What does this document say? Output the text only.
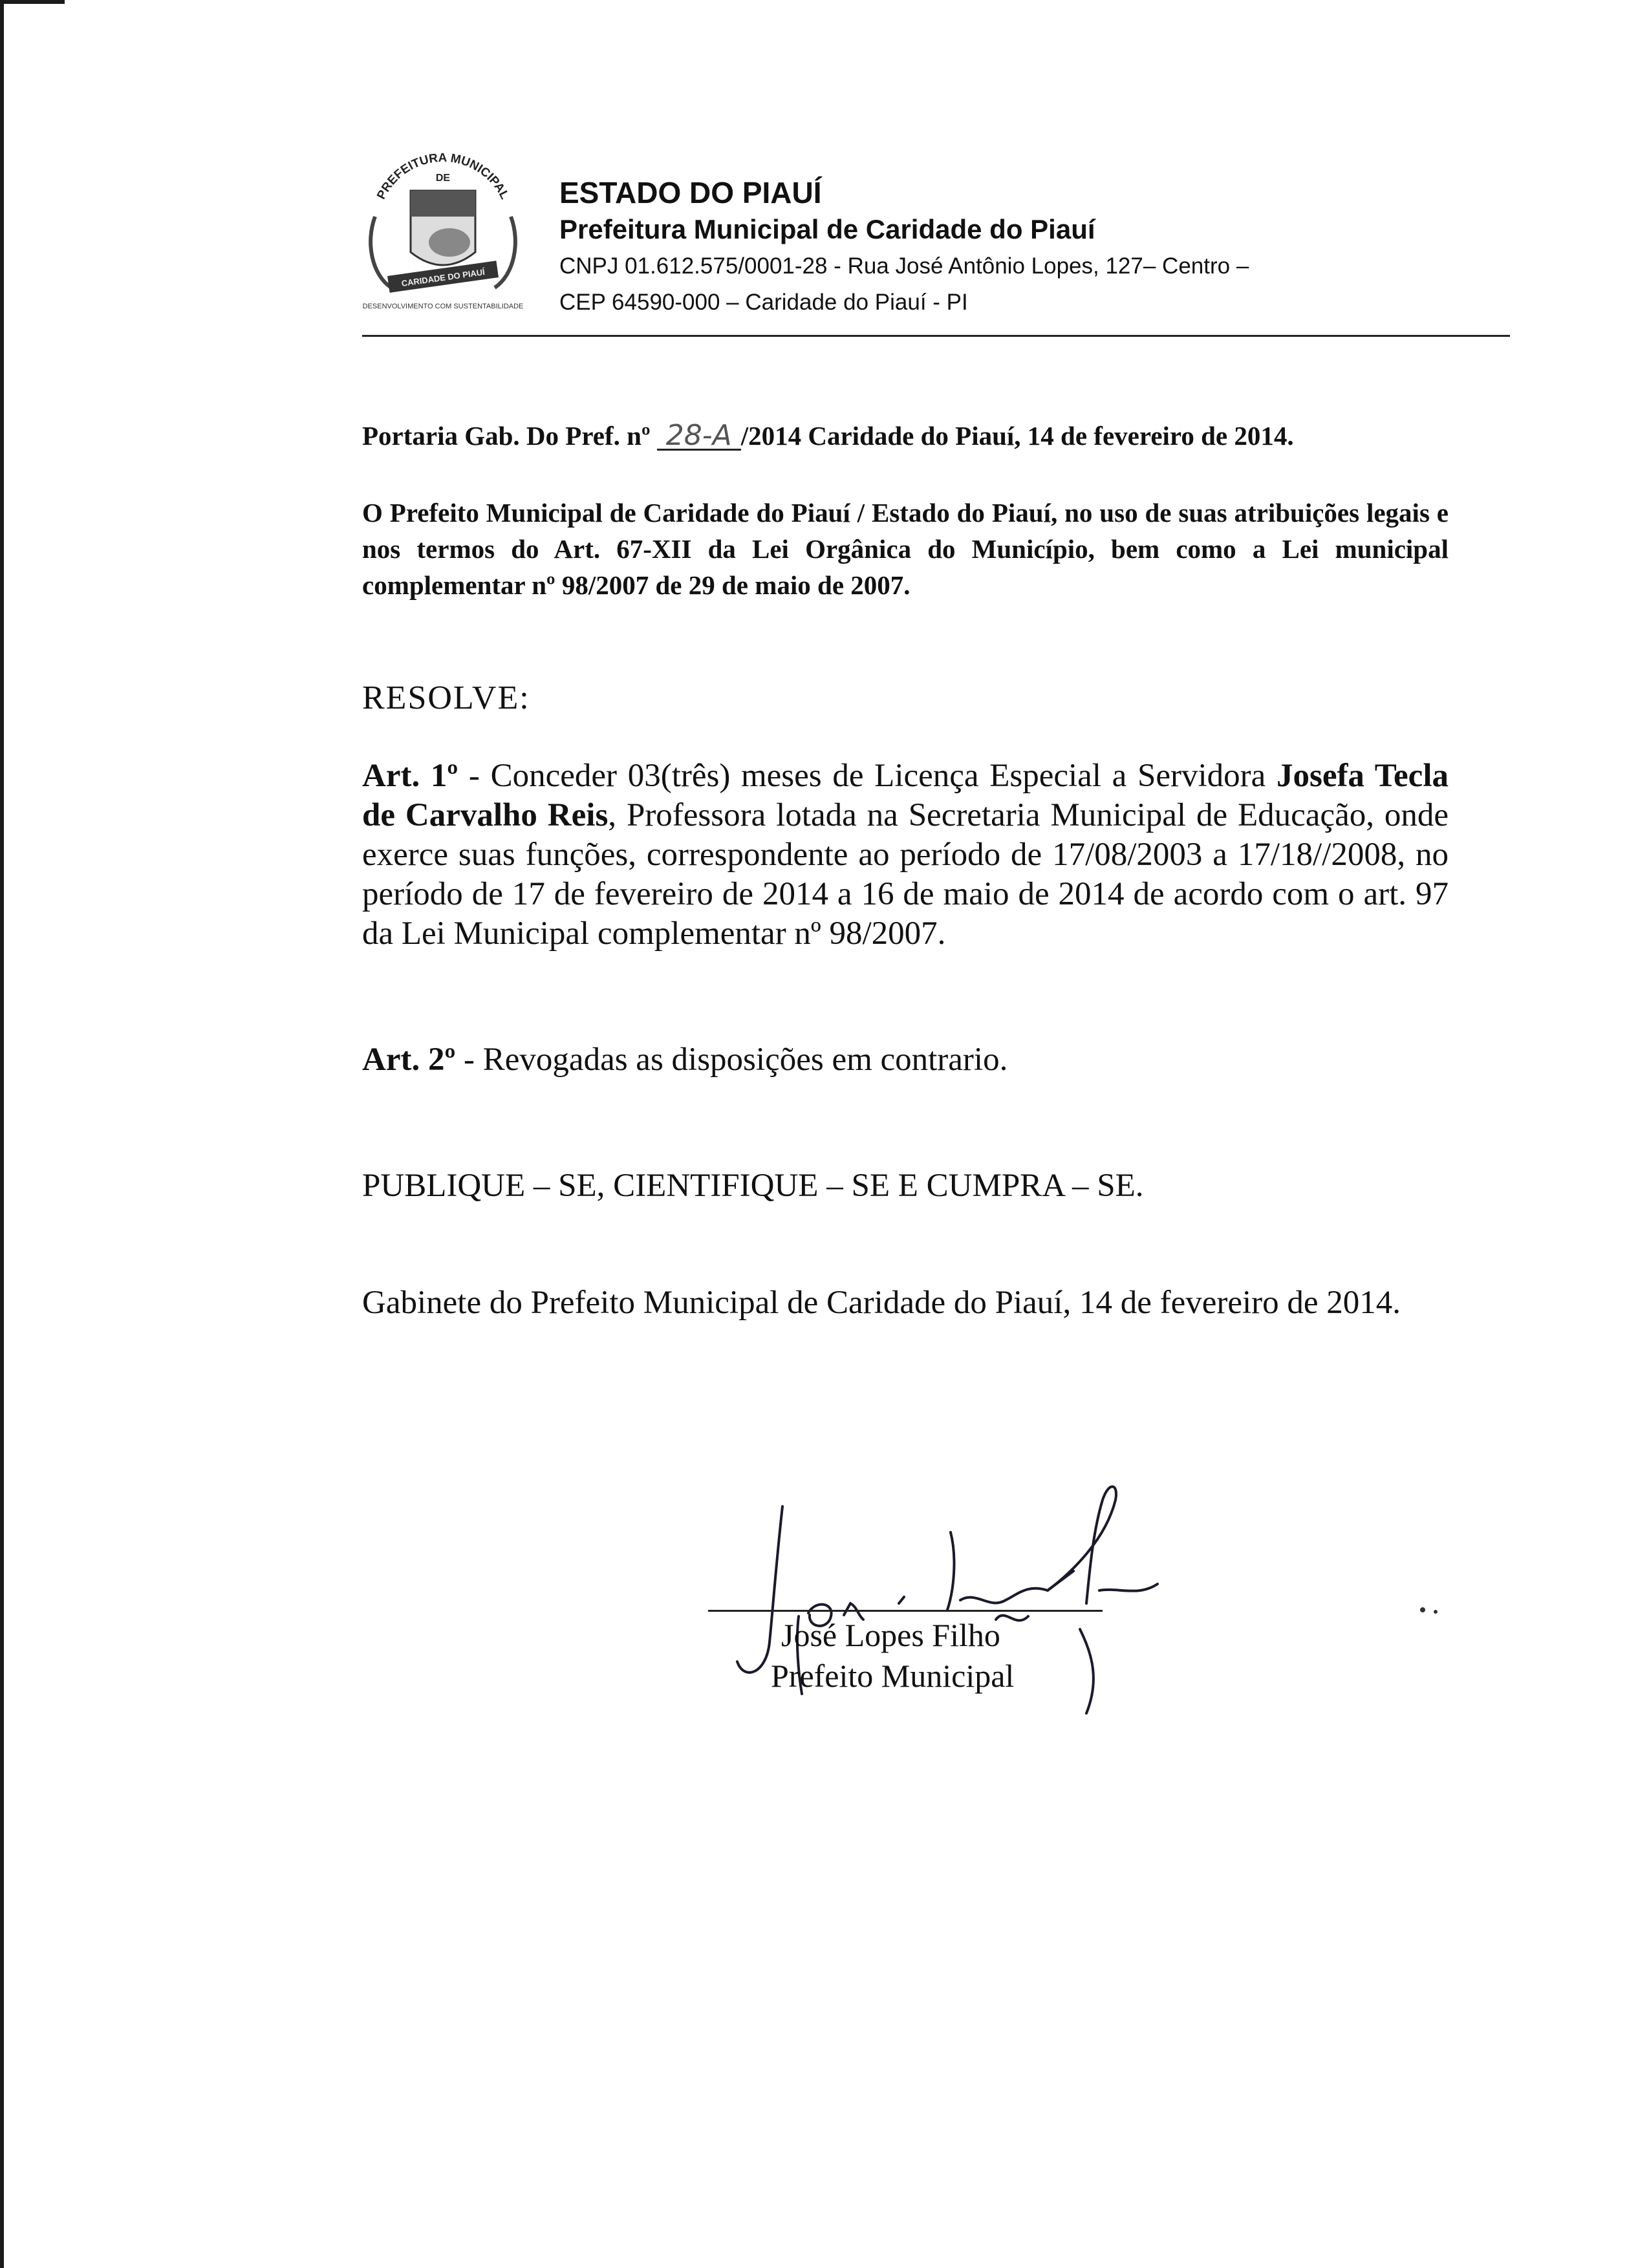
PREFEITURA MUNICIPAL
DE
CARIDADE DO PIAUÍ
DESENVOLVIMENTO COM SUSTENTABILIDADE
ESTADO DO PIAUÍ
Prefeitura Municipal de Caridade do Piauí
CNPJ 01.612.575/0001-28 - Rua José Antônio Lopes, 127– Centro –
CEP 64590-000 – Caridade do Piauí - PI
Portaria Gab. Do Pref. nº 28-A /2014 Caridade do Piauí, 14 de fevereiro de 2014.
O Prefeito Municipal de Caridade do Piauí / Estado do Piauí, no uso de suas atribuições legais e nos termos do Art. 67-XII da Lei Orgânica do Município, bem como a Lei municipal complementar nº 98/2007 de 29 de maio de 2007.
RESOLVE:
Art. 1º - Conceder 03(três) meses de Licença Especial a Servidora Josefa Tecla de Carvalho Reis, Professora lotada na Secretaria Municipal de Educação, onde exerce suas funções, correspondente ao período de 17/08/2003 a 17/18//2008, no período de 17 de fevereiro de 2014 a 16 de maio de 2014 de acordo com o art. 97 da Lei Municipal complementar nº 98/2007.
Art. 2º - Revogadas as disposições em contrario.
PUBLIQUE – SE, CIENTIFIQUE – SE E CUMPRA – SE.
Gabinete do Prefeito Municipal de Caridade do Piauí, 14 de fevereiro de 2014.
José Lopes Filho
Prefeito Municipal
